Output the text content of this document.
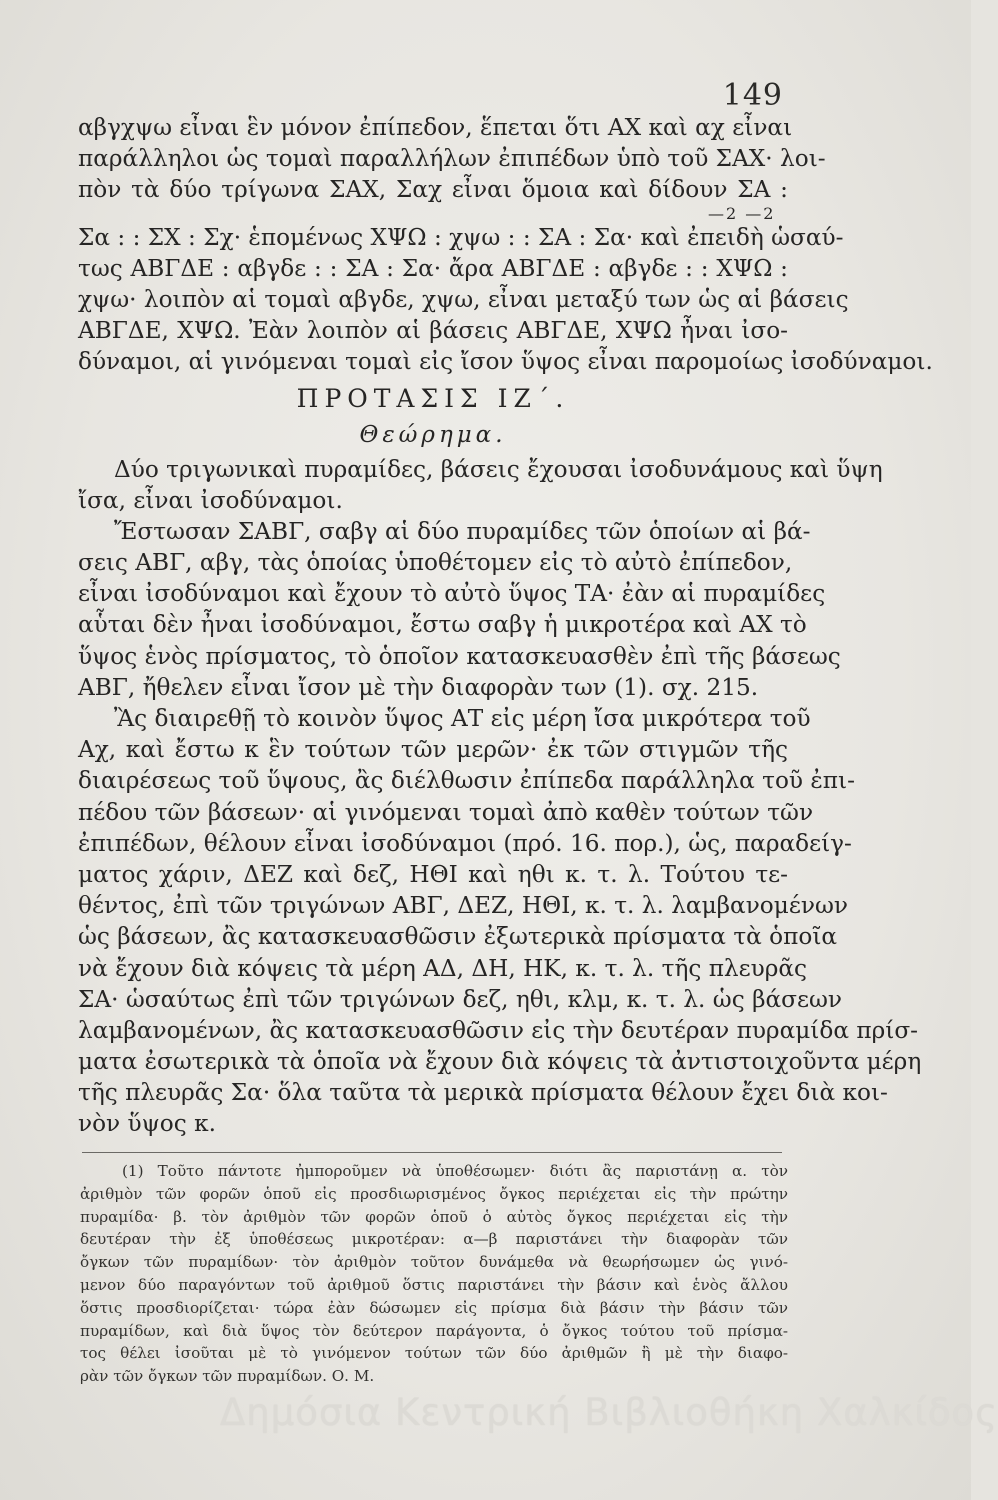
149
αβγχψω εἶναι ἓν μόνον ἐπίπεδον, ἕπεται ὅτι ΑΧ καὶ αχ εἶναι
παράλληλοι ὡς τομαὶ παραλλήλων ἐπιπέδων ὑπὸ τοῦ ΣΑΧ· λοι-
πὸν τὰ δύο τρίγωνα ΣΑΧ, Σαχ εἶναι ὅμοια καὶ δίδουν ΣΑ :
—2 —2
Σα : : ΣΧ : Σχ· ἑπομένως ΧΨΩ : χψω : : ΣΑ : Σα· καὶ ἐπειδὴ ὡσαύ-
τως ΑΒΓΔΕ : αβγδε : : ΣΑ : Σα· ἄρα ΑΒΓΔΕ : αβγδε : : ΧΨΩ :
χψω· λοιπὸν αἱ τομαὶ αβγδε, χψω, εἶναι μεταξύ των ὡς αἱ βάσεις
ΑΒΓΔΕ, ΧΨΩ. Ἐὰν λοιπὸν αἱ βάσεις ΑΒΓΔΕ, ΧΨΩ ἦναι ἰσο-
δύναμοι, αἱ γινόμεναι τομαὶ εἰς ἴσον ὕψος εἶναι παρομοίως ἰσοδύναμοι.
ΠΡΟΤΑΣΙΣ ΙΖ΄.
Θεώρημα.
Δύο τριγωνικαὶ πυραμίδες, βάσεις ἔχουσαι ἰσοδυνάμους καὶ ὕψη
ἴσα, εἶναι ἰσοδύναμοι.
Ἔστωσαν ΣΑΒΓ, σαβγ αἱ δύο πυραμίδες τῶν ὁποίων αἱ βά-
σεις ΑΒΓ, αβγ, τὰς ὁποίας ὑποθέτομεν εἰς τὸ αὐτὸ ἐπίπεδον,
εἶναι ἰσοδύναμοι καὶ ἔχουν τὸ αὐτὸ ὕψος ΤΑ· ἐὰν αἱ πυραμίδες
αὗται δὲν ἦναι ἰσοδύναμοι, ἔστω σαβγ ἡ μικροτέρα καὶ ΑΧ τὸ
ὕψος ἑνὸς πρίσματος, τὸ ὁποῖον κατασκευασθὲν ἐπὶ τῆς βάσεως
ΑΒΓ, ἤθελεν εἶναι ἴσον μὲ τὴν διαφορὰν των (1). σχ. 215.
Ἂς διαιρεθῇ τὸ κοινὸν ὕψος ΑΤ εἰς μέρη ἴσα μικρότερα τοῦ
Αχ, καὶ ἔστω κ ἓν τούτων τῶν μερῶν· ἐκ τῶν στιγμῶν τῆς
διαιρέσεως τοῦ ὕψους, ἂς διέλθωσιν ἐπίπεδα παράλληλα τοῦ ἐπι-
πέδου τῶν βάσεων· αἱ γινόμεναι τομαὶ ἀπὸ καθὲν τούτων τῶν
ἐπιπέδων, θέλουν εἶναι ἰσοδύναμοι (πρό. 16. πορ.), ὡς, παραδείγ-
ματος χάριν, ΔΕΖ καὶ δεζ, ΗΘΙ καὶ ηθι κ. τ. λ. Τούτου τε-
θέντος, ἐπὶ τῶν τριγώνων ΑΒΓ, ΔΕΖ, ΗΘΙ, κ. τ. λ. λαμβανομένων
ὡς βάσεων, ἂς κατασκευασθῶσιν ἐξωτερικὰ πρίσματα τὰ ὁποῖα
νὰ ἔχουν διὰ κόψεις τὰ μέρη ΑΔ, ΔΗ, ΗΚ, κ. τ. λ. τῆς πλευρᾶς
ΣΑ· ὡσαύτως ἐπὶ τῶν τριγώνων δεζ, ηθι, κλμ, κ. τ. λ. ὡς βάσεων
λαμβανομένων, ἂς κατασκευασθῶσιν εἰς τὴν δευτέραν πυραμίδα πρίσ-
ματα ἐσωτερικὰ τὰ ὁποῖα νὰ ἔχουν διὰ κόψεις τὰ ἀντιστοιχοῦντα μέρη
τῆς πλευρᾶς Σα· ὅλα ταῦτα τὰ μερικὰ πρίσματα θέλουν ἔχει διὰ κοι-
νὸν ὕψος κ.
(1) Τοῦτο πάντοτε ἠμποροῦμεν νὰ ὑποθέσωμεν· διότι ἂς παριστάνῃ α. τὸν
ἀριθμὸν τῶν φορῶν ὁποῦ εἰς προσδιωρισμένος ὄγκος περιέχεται εἰς τὴν πρώτην
πυραμίδα· β. τὸν ἀριθμὸν τῶν φορῶν ὁποῦ ὁ αὐτὸς ὄγκος περιέχεται εἰς τὴν
δευτέραν τὴν ἐξ ὑποθέσεως μικροτέραν: α—β παριστάνει τὴν διαφορὰν τῶν
ὄγκων τῶν πυραμίδων· τὸν ἀριθμὸν τοῦτον δυνάμεθα νὰ θεωρήσωμεν ὡς γινό-
μενον δύο παραγόντων τοῦ ἀριθμοῦ ὅστις παριστάνει τὴν βάσιν καὶ ἑνὸς ἄλλου
ὅστις προσδιορίζεται· τώρα ἐὰν δώσωμεν εἰς πρίσμα διὰ βάσιν τὴν βάσιν τῶν
πυραμίδων, καὶ διὰ ὕψος τὸν δεύτερον παράγοντα, ὁ ὄγκος τούτου τοῦ πρίσμα-
τος θέλει ἰσοῦται μὲ τὸ γινόμενον τούτων τῶν δύο ἀριθμῶν ἢ μὲ τὴν διαφο-
ρὰν τῶν ὄγκων τῶν πυραμίδων. Ο. Μ.
Δημόσια Κεντρική Βιβλιοθήκη Χαλκίδος
